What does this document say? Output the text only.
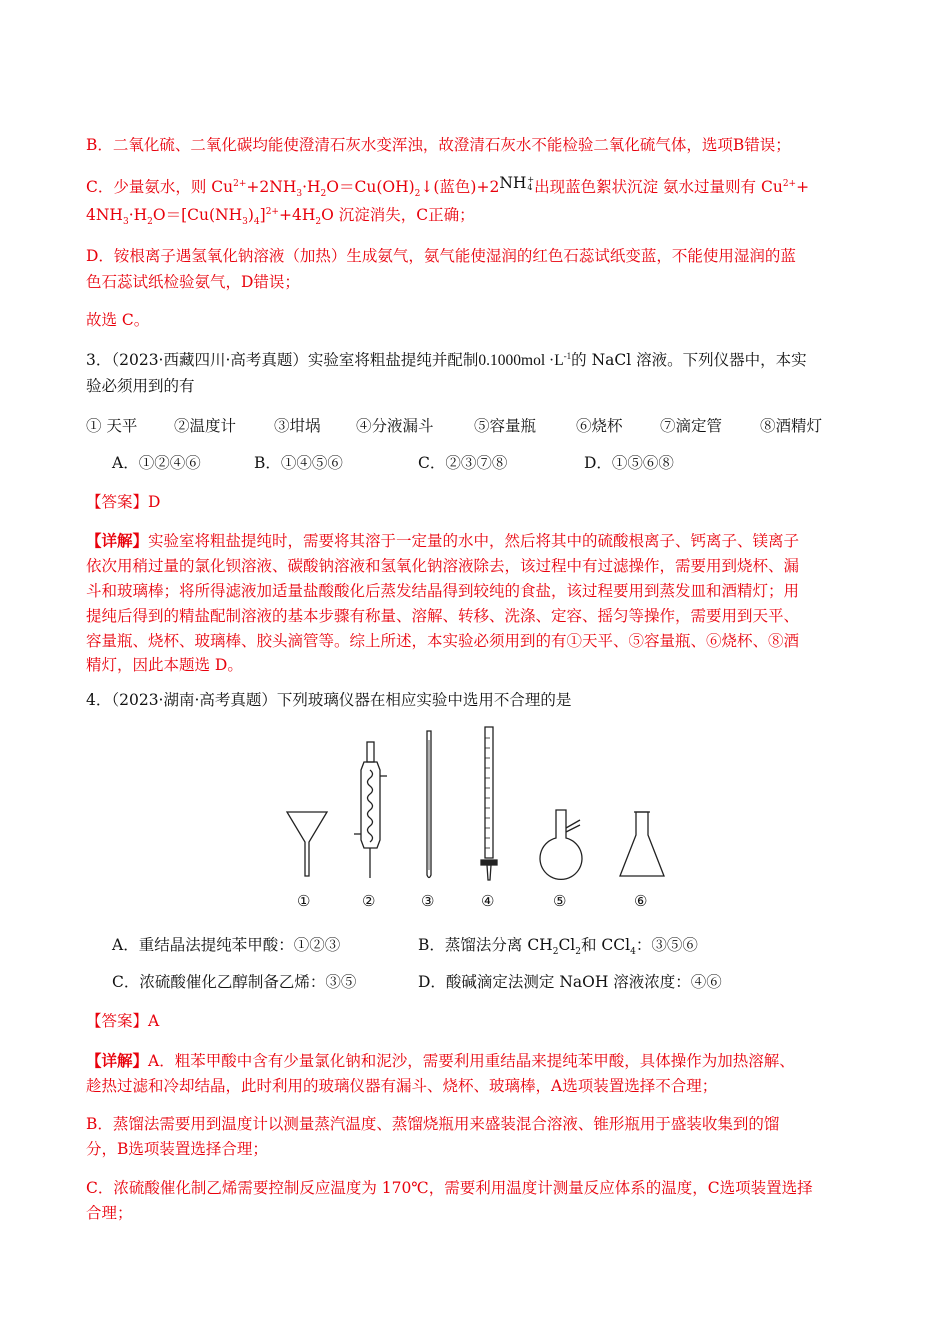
B．二氧化硫、二氧化碳均能使澄清石灰水变浑浊，故澄清石灰水不能检验二氧化硫气体，选项B错误；
C．少量氨水，则 $Cu^{2+}+2NH_3\cdot H_2O=Cu(OH)_2↓$(蓝色)+2NH+
4 出现蓝色絮状沉淀 氨水过量则有 $Cu^{2+}+$
$4NH_3\cdot H_2O=[Cu(NH_3)_4]^{2+}+4H_2O$ 沉淀消失，C正确；
D．铵根离子遇氢氧化钠溶液（加热）生成氨气，氨气能使湿润的红色石蕊试纸变蓝，不能使用湿润的蓝
色石蕊试纸检验氨气，D错误；
故选 C。
3．（2023·西藏四川·高考真题）实验室将粗盐提纯并配制$0.1000mol \cdot L^{-1}$的 NaCl 溶液。下列仪器中，本实
验必须用到的有
① 天平 ②温度计 ③坩埚 ④分液漏斗	⑤容量瓶	⑥烧杯 ⑦滴定管 ⑧酒精灯
A．①②④⑥	B．①④⑤⑥	C．②③⑦⑧	D．①⑤⑥⑧
【答案】D
【详解】实验室将粗盐提纯时，需要将其溶于一定量的水中，然后将其中的硫酸根离子、钙离子、镁离子
依次用稍过量的氯化钡溶液、碳酸钠溶液和氢氧化钠溶液除去，该过程中有过滤操作，需要用到烧杯、漏
斗和玻璃棒；将所得滤液加适量盐酸酸化后蒸发结晶得到较纯的食盐，该过程要用到蒸发皿和酒精灯；用
提纯后得到的精盐配制溶液的基本步骤有称量、溶解、转移、洗涤、定容、摇匀等操作，需要用到天平、
容量瓶、烧杯、玻璃棒、胶头滴管等。综上所述，本实验必须用到的有①天平、⑤容量瓶、⑥烧杯、⑧酒
精灯，因此本题选 D。
4．（2023·湖南·高考真题）下列玻璃仪器在相应实验中选用不合理的是
①	②	③	④	⑤	⑥
A．重结晶法提纯苯甲酸：①②③	B．蒸馏法分离 $CH_2Cl_2$和 CCl$_4$：③⑤⑥
C．浓硫酸催化乙醇制备乙烯：③⑤	D．酸碱滴定法测定 NaOH 溶液浓度：④⑥
【答案】A
【详解】A．粗苯甲酸中含有少量氯化钠和泥沙，需要利用重结晶来提纯苯甲酸，具体操作为加热溶解、
趁热过滤和冷却结晶，此时利用的玻璃仪器有漏斗、烧杯、玻璃棒，A选项装置选择不合理；
B．蒸馏法需要用到温度计以测量蒸汽温度、蒸馏烧瓶用来盛装混合溶液、锥形瓶用于盛装收集到的馏
分，B选项装置选择合理；
C．浓硫酸催化制乙烯需要控制反应温度为 170℃，需要利用温度计测量反应体系的温度，C选项装置选择
合理；
